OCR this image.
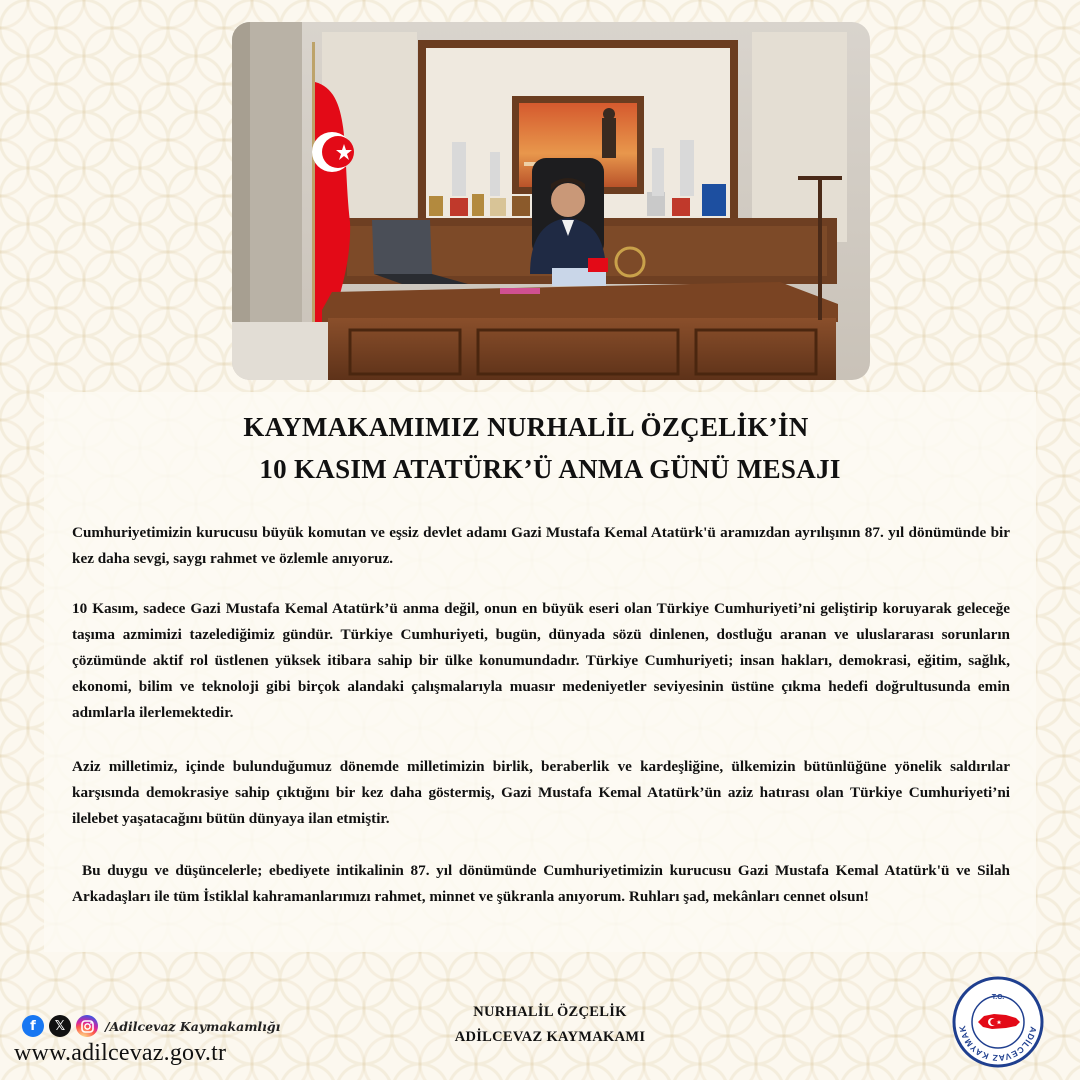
KAYMAKAMIMIZ NURHALİL ÖZÇELİK’İN
10 KASIM ATATÜRK’Ü ANMA GÜNÜ MESAJI

Cumhuriyetimizin kurucusu büyük komutan ve eşsiz devlet adamı Gazi Mustafa Kemal Atatürk'ü aramızdan ayrılışının 87. yıl dönümünde bir kez daha sevgi, saygı rahmet ve özlemle anıyoruz.

10 Kasım, sadece Gazi Mustafa Kemal Atatürk’ü anma değil, onun en büyük eseri olan Türkiye Cumhuriyeti’ni geliştirip koruyarak geleceğe taşıma azmimizi tazelediğimiz gündür. Türkiye Cumhuriyeti, bugün, dünyada sözü dinlenen, dostluğu aranan ve uluslararası sorunların çözümünde aktif rol üstlenen yüksek itibara sahip bir ülke konumundadır. Türkiye Cumhuriyeti; insan hakları, demokrasi, eğitim, sağlık, ekonomi, bilim ve teknoloji gibi birçok alandaki çalışmalarıyla muasır medeniyetler seviyesinin üstüne çıkma hedefi doğrultusunda emin adımlarla ilerlemektedir.

Aziz milletimiz, içinde bulunduğumuz dönemde milletimizin birlik, beraberlik ve kardeşliğine, ülkemizin bütünlüğüne yönelik saldırılar karşısında demokrasiye sahip çıktığını bir kez daha göstermiş, Gazi Mustafa Kemal Atatürk’ün aziz hatırası olan Türkiye Cumhuriyeti’ni ilelebet yaşatacağını bütün dünyaya ilan etmiştir.

Bu duygu ve düşüncelerle; ebediyete intikalinin 87. yıl dönümünde Cumhuriyetimizin kurucusu Gazi Mustafa Kemal Atatürk'ü ve Silah Arkadaşları ile tüm İstiklal kahramanlarımızı rahmet, minnet ve şükranla anıyorum. Ruhları şad, mekânları cennet olsun!

NURHALİL ÖZÇELİK
ADİLCEVAZ KAYMAKAMI
f	𝕏	/Adilcevaz Kaymakamlığı
www.adilcevaz.gov.tr
ADİLCEVAZ KAYMAK
T.C.
